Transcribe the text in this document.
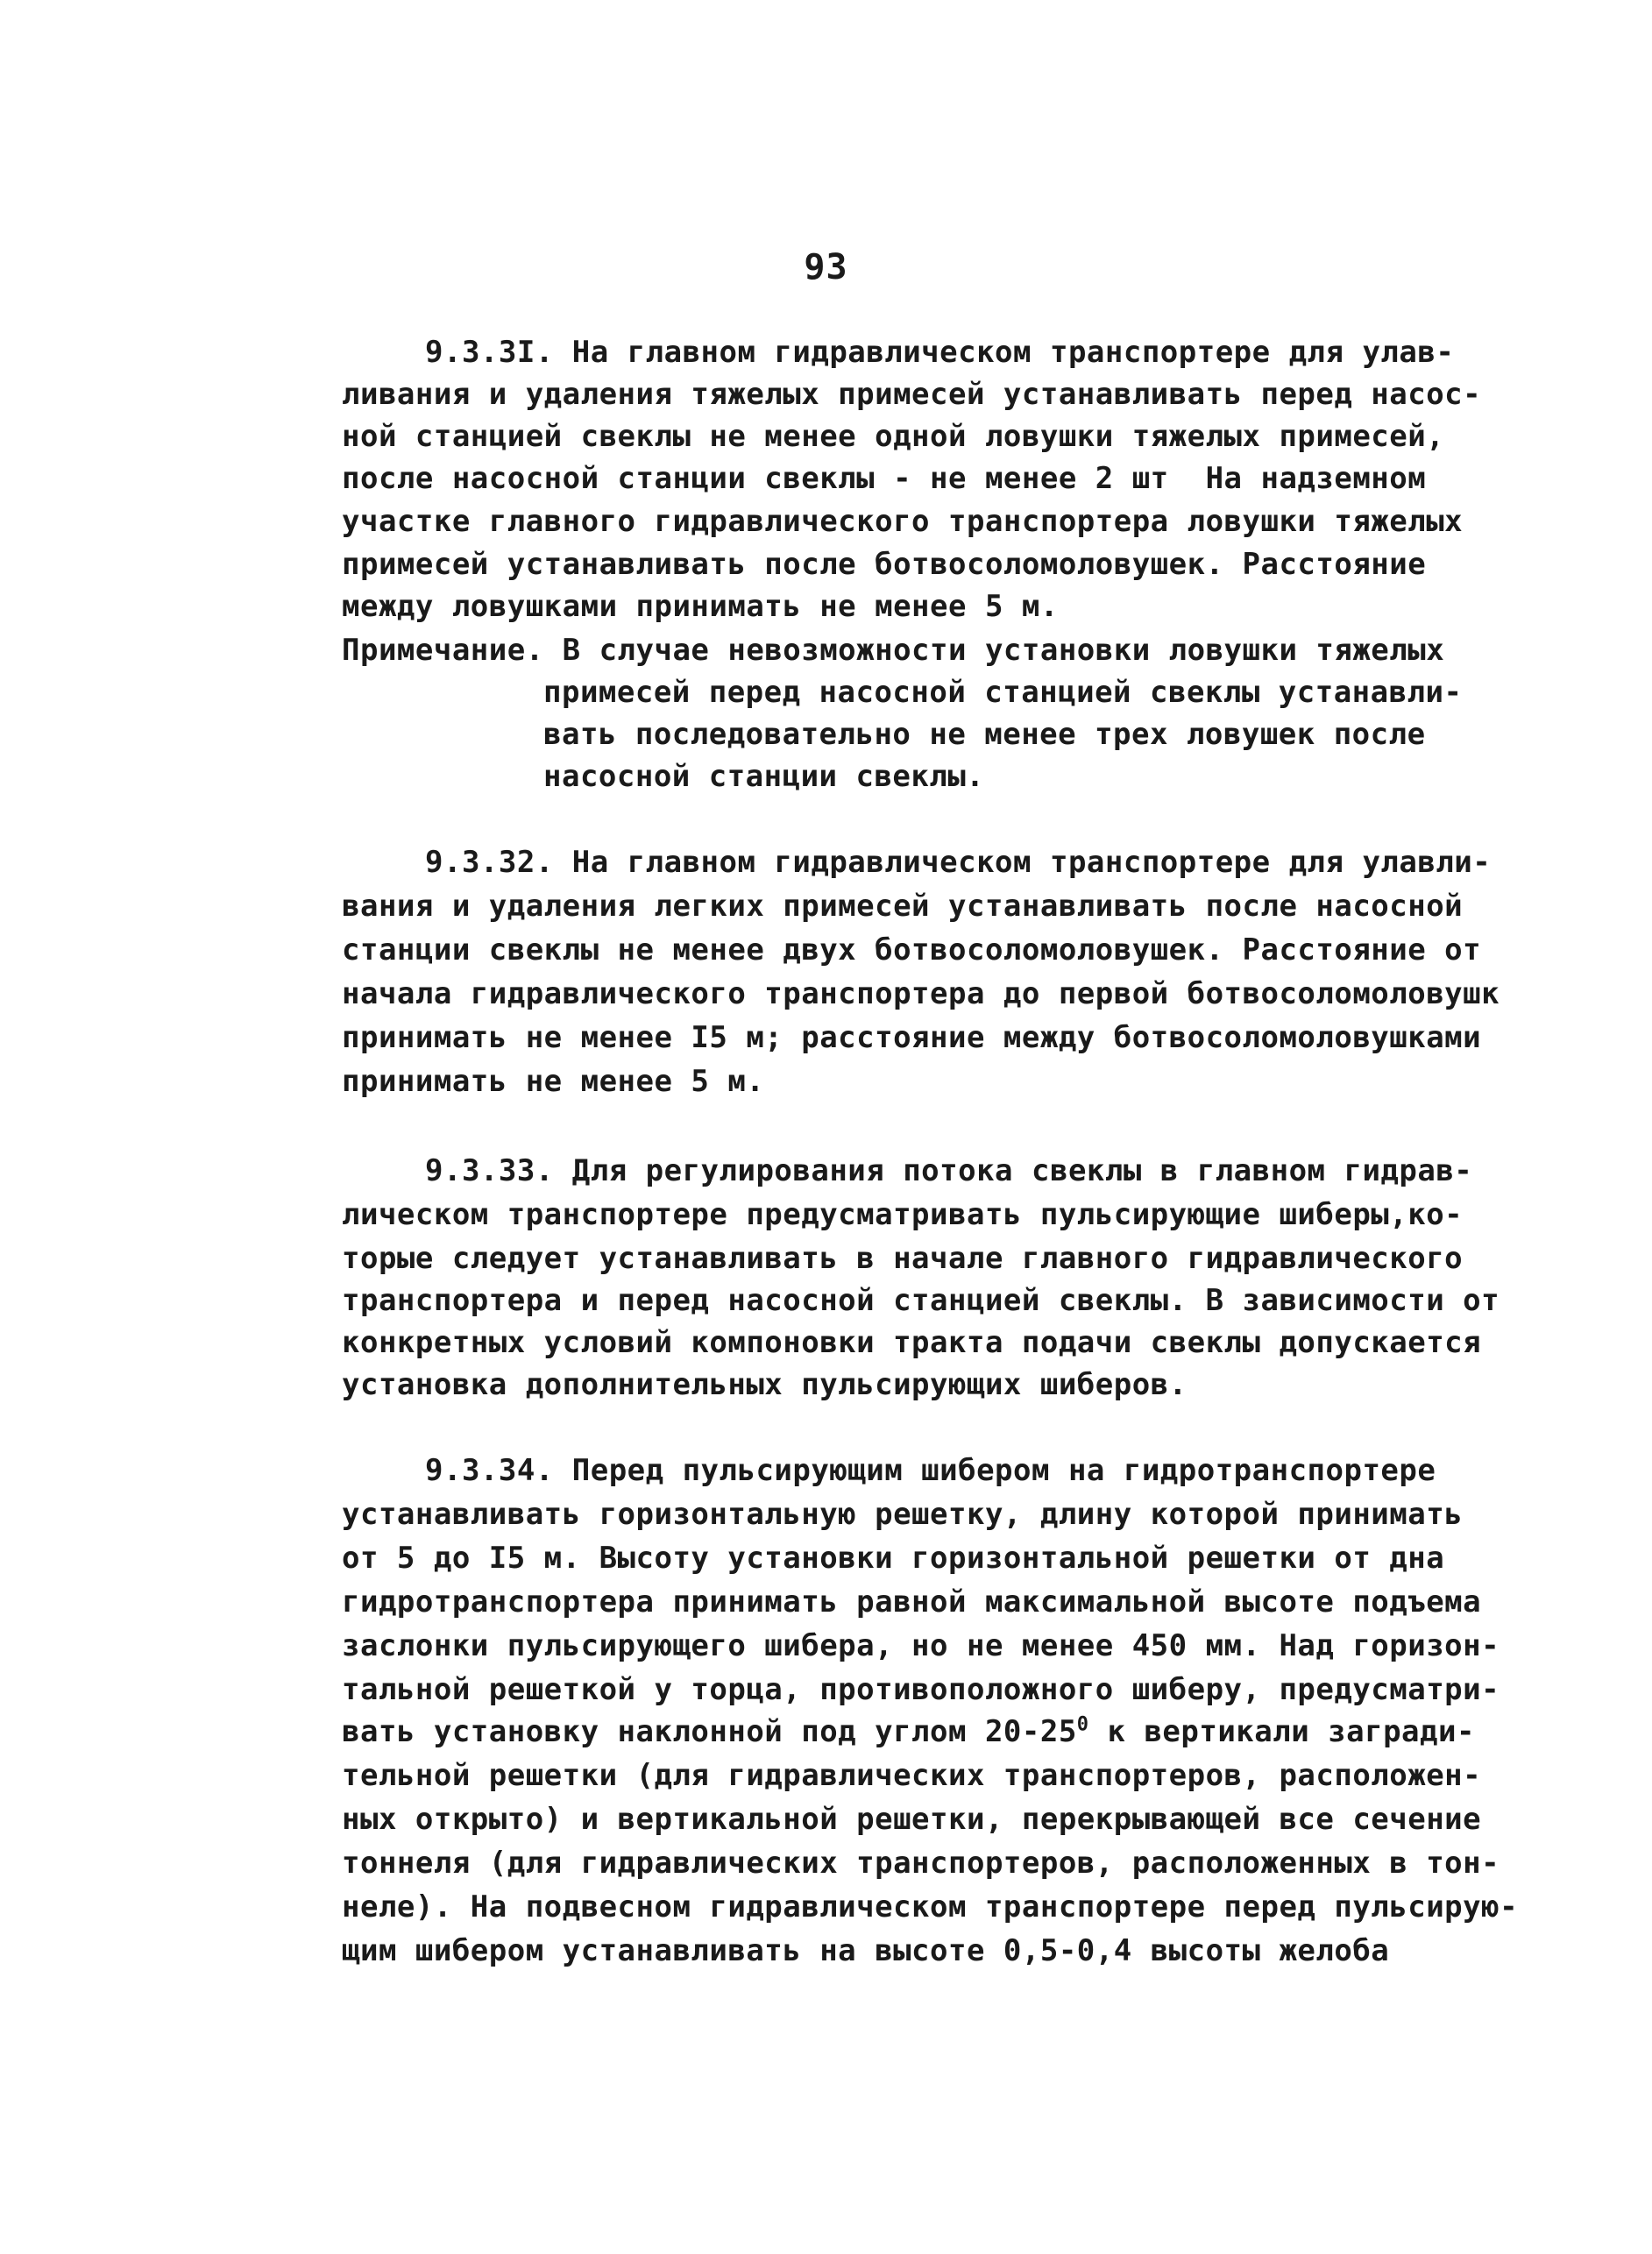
93
9.3.3I. На главном гидравлическом транспортере для улав-
ливания и удаления тяжелых примесей устанавливать перед насос-
ной станцией свеклы не менее одной ловушки тяжелых примесей,
после насосной станции свеклы - не менее 2 шт  На надземном
участке главного гидравлического транспортера ловушки тяжелых
примесей устанавливать после ботвосоломоловушек. Расстояние
между ловушками принимать не менее 5 м.
Примечание. В случае невозможности установки ловушки тяжелых
примесей перед насосной станцией свеклы устанавли-
вать последовательно не менее трех ловушек после
насосной станции свеклы.
9.3.32. На главном гидравлическом транспортере для улавли-
вания и удаления легких примесей устанавливать после насосной
станции свеклы не менее двух ботвосоломоловушек. Расстояние от
начала гидравлического транспортера до первой ботвосоломоловушк
принимать не менее I5 м; расстояние между ботвосоломоловушками
принимать не менее 5 м.
9.3.33. Для регулирования потока свеклы в главном гидрав-
лическом транспортере предусматривать пульсирующие шиберы,ко-
торые следует устанавливать в начале главного гидравлического
транспортера и перед насосной станцией свеклы. В зависимости от
конкретных условий компоновки тракта подачи свеклы допускается
установка дополнительных пульсирующих шиберов.
9.3.34. Перед пульсирующим шибером на гидротранспортере
устанавливать горизонтальную решетку, длину которой принимать
от 5 до I5 м. Высоту установки горизонтальной решетки от дна
гидротранспортера принимать равной максимальной высоте подъема
заслонки пульсирующего шибера, но не менее 450 мм. Над горизон-
тальной решеткой у торца, противоположного шиберу, предусматри-
вать установку наклонной под углом $20-25^0$ к вертикали загради-
тельной решетки (для гидравлических транспортеров, расположен-
ных открыто) и вертикальной решетки, перекрывающей все сечение
тоннеля (для гидравлических транспортеров, расположенных в тон-
неле). На подвесном гидравлическом транспортере перед пульсирую-
щим шибером устанавливать на высоте 0,5-0,4 высоты желоба
